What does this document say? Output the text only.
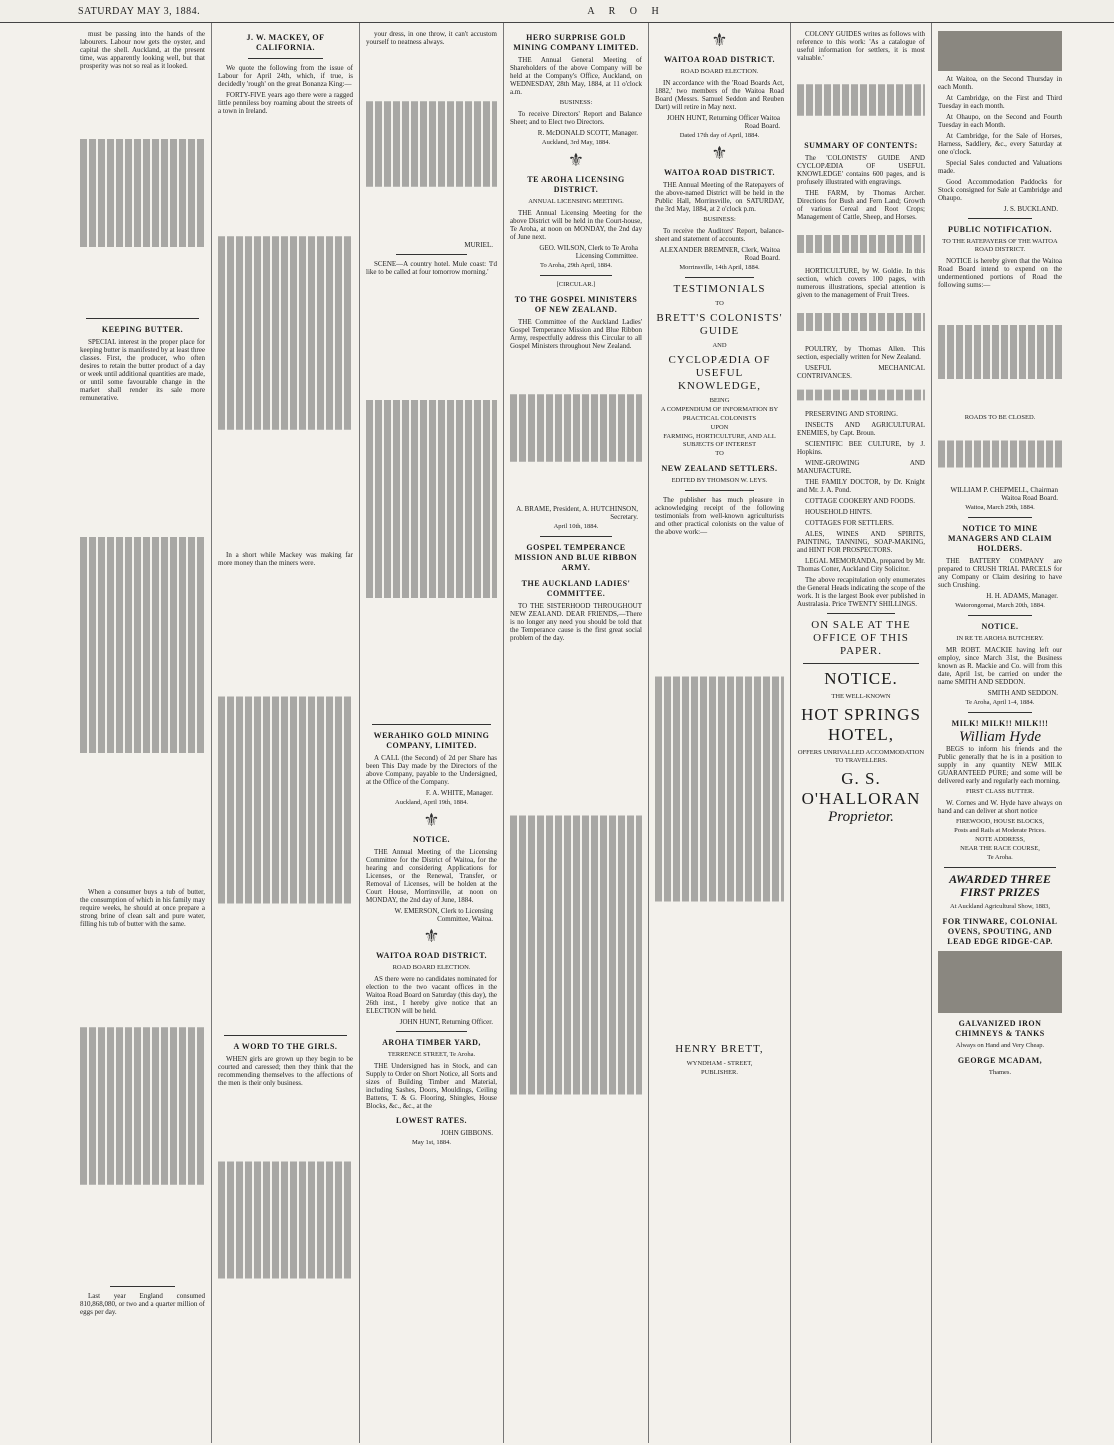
SATURDAY MAY 3, 1884.	A R O H
must be passing into the hands of the labourers. Labour now gets the oyster, and capital the shell. Auckland, at the present time, was apparently looking well, but that prosperity was not so real as it looked.
KEEPING BUTTER.
SPECIAL interest in the proper place for keeping butter is manifested by at least three classes. First, the producer, who often desires to retain the butter product of a day or week until additional quantities are made, or until some favourable change in the market shall render its sale more remunerative.
When a consumer buys a tub of butter, the consumption of which in his family may require weeks, he should at once prepare a strong brine of clean salt and pure water, filling his tub of butter with the same.
Last year England consumed 810,868,080, or two and a quarter million of eggs per day.
J. W. MACKEY, OF CALIFORNIA.
We quote the following from the issue of Labour for April 24th, which, if true, is decidedly 'rough' on the great Bonanza King:—
FORTY-FIVE years ago there were a ragged little penniless boy roaming about the streets of a town in Ireland.
In a short while Mackey was making far more money than the miners were.
A WORD TO THE GIRLS.
WHEN girls are grown up they begin to be courted and caressed; then they think that the recommending themselves to the affections of the men is their only business.
your dress, in one throw, it can't accustom yourself to neatness always.
MURIEL.
SCENE—A country hotel. Mule coast: 'I'd like to be called at four tomorrow morning.'
WERAHIKO GOLD MINING COMPANY, LIMITED.
A CALL (the Second) of 2d per Share has been This Day made by the Directors of the above Company, payable to the Undersigned, at the Office of the Company.
F. A. WHITE, Manager.
Auckland, April 19th, 1884.
⚜
NOTICE.
THE Annual Meeting of the Licensing Committee for the District of Waitoa, for the hearing and considering Applications for Licenses, or the Renewal, Transfer, or Removal of Licenses, will be holden at the Court House, Morrinsville, at noon on MONDAY, the 2nd day of June, 1884.
W. EMERSON, Clerk to Licensing Committee, Waitoa.
⚜
WAITOA ROAD DISTRICT.
ROAD BOARD ELECTION.
AS there were no candidates nominated for election to the two vacant offices in the Waitoa Road Board on Saturday (this day), the 26th inst., I hereby give notice that an ELECTION will be held.
JOHN HUNT, Returning Officer.
AROHA TIMBER YARD,
TERRENCE STREET, Te Aroha.
THE Undersigned has in Stock, and can Supply to Order on Short Notice, all Sorts and sizes of Building Timber and Material, including Sashes, Doors, Mouldings, Ceiling Battens, T. & G. Flooring, Shingles, House Blocks, &c., &c., at the
LOWEST RATES.
JOHN GIBBONS.
May 1st, 1884.
HERO SURPRISE GOLD MINING COMPANY LIMITED.
THE Annual General Meeting of Shareholders of the above Company will be held at the Company's Office, Auckland, on WEDNESDAY, 28th May, 1884, at 11 o'clock a.m.
BUSINESS:
To receive Directors' Report and Balance Sheet; and to Elect two Directors.
R. McDONALD SCOTT, Manager.
Auckland, 3rd May, 1884.
⚜
TE AROHA LICENSING DISTRICT.
ANNUAL LICENSING MEETING.
THE Annual Licensing Meeting for the above District will be held in the Court-house, Te Aroha, at noon on MONDAY, the 2nd day of June next.
GEO. WILSON, Clerk to Te Aroha Licensing Committee.
To Aroha, 29th April, 1884.
[CIRCULAR.]
TO THE GOSPEL MINISTERS OF NEW ZEALAND.
THE Committee of the Auckland Ladies' Gospel Temperance Mission and Blue Ribbon Army, respectfully address this Circular to all Gospel Ministers throughout New Zealand.
A. BRAME, President, A. HUTCHINSON, Secretary.
April 10th, 1884.
GOSPEL TEMPERANCE MISSION AND BLUE RIBBON ARMY.
THE AUCKLAND LADIES' COMMITTEE.
TO THE SISTERHOOD THROUGHOUT NEW ZEALAND. DEAR FRIENDS,—There is no longer any need you should be told that the Temperance cause is the first great social problem of the day.
⚜
WAITOA ROAD DISTRICT.
ROAD BOARD ELECTION.
IN accordance with the 'Road Boards Act, 1882,' two members of the Waitoa Road Board (Messrs. Samuel Seddon and Reuben Dart) will retire in May next.
JOHN HUNT, Returning Officer Waitoa Road Board.
Dated 17th day of April, 1884.
⚜
WAITOA ROAD DISTRICT.
THE Annual Meeting of the Ratepayers of the above-named District will be held in the Public Hall, Morrinsville, on SATURDAY, the 3rd May, 1884, at 2 o'clock p.m.
BUSINESS:
To receive the Auditors' Report, balance-sheet and statement of accounts.
ALEXANDER BREMNER, Clerk, Waitoa Road Board.
Morrinsville, 14th April, 1884.
TESTIMONIALS
TO
BRETT'S COLONISTS' GUIDE
AND
CYCLOPÆDIA OF USEFUL KNOWLEDGE,
BEING
A COMPENDIUM OF INFORMATION BY
PRACTICAL COLONISTS
UPON
FARMING, HORTICULTURE, AND ALL SUBJECTS OF INTEREST
TO
NEW ZEALAND SETTLERS.
EDITED BY THOMSON W. LEYS.
The publisher has much pleasure in acknowledging receipt of the following testimonials from well-known agriculturists and other practical colonists on the value of the above work:—
HENRY BRETT,
WYNDHAM - STREET,
PUBLISHER.
COLONY GUIDES writes as follows with reference to this work: 'As a catalogue of useful information for settlers, it is most valuable.'
SUMMARY OF CONTENTS:
The 'COLONISTS' GUIDE AND CYCLOPÆDIA OF USEFUL KNOWLEDGE' contains 600 pages, and is profusely illustrated with engravings.
THE FARM, by Thomas Archer. Directions for Bush and Fern Land; Growth of various Cereal and Root Crops; Management of Cattle, Sheep, and Horses.
HORTICULTURE, by W. Goldie. In this section, which covers 100 pages, with numerous illustrations, special attention is given to the management of Fruit Trees.
POULTRY, by Thomas Allen. This section, especially written for New Zealand.
USEFUL MECHANICAL CONTRIVANCES.
PRESERVING AND STORING.
INSECTS AND AGRICULTURAL ENEMIES, by Capt. Broun.
SCIENTIFIC BEE CULTURE, by J. Hopkins.
WINE-GROWING AND MANUFACTURE.
THE FAMILY DOCTOR, by Dr. Knight and Mr. J. A. Pond.
COTTAGE COOKERY AND FOODS.
HOUSEHOLD HINTS.
COTTAGES FOR SETTLERS.
ALES, WINES AND SPIRITS, PAINTING, TANNING, SOAP-MAKING, and HINT FOR PROSPECTORS.
LEGAL MEMORANDA, prepared by Mr. Thomas Cotter, Auckland City Solicitor.
The above recapitulation only enumerates the General Heads indicating the scope of the work. It is the largest Book ever published in Australasia. Price TWENTY SHILLINGS.
ON SALE AT THE OFFICE OF THIS PAPER.
NOTICE.
THE WELL-KNOWN
HOT SPRINGS HOTEL,
OFFERS UNRIVALLED ACCOMMODATION TO TRAVELLERS.
G. S. O'HALLORAN
Proprietor.
At Waitoa, on the Second Thursday in each Month.
At Cambridge, on the First and Third Tuesday in each month.
At Ohaupo, on the Second and Fourth Tuesday in each Month.
At Cambridge, for the Sale of Horses, Harness, Saddlery, &c., every Saturday at one o'clock.
Special Sales conducted and Valuations made.
Good Accommodation Paddocks for Stock consigned for Sale at Cambridge and Ohaupo.
J. S. BUCKLAND.
PUBLIC NOTIFICATION.
TO THE RATEPAYERS OF THE WAITOA ROAD DISTRICT.
NOTICE is hereby given that the Waitoa Road Board intend to expend on the undermentioned portions of Road the following sums:—
ROADS TO BE CLOSED.
WILLIAM P. CHEPMELL, Chairman Waitoa Road Board.
Waitoa, March 29th, 1884.
NOTICE TO MINE MANAGERS AND CLAIM HOLDERS.
THE BATTERY COMPANY are prepared to CRUSH TRIAL PARCELS for any Company or Claim desiring to have such Crushing.
H. H. ADAMS, Manager.
Waiorongomai, March 20th, 1884.
NOTICE.
IN RE TE AROHA BUTCHERY.
MR ROBT. MACKIE having left our employ, since March 31st, the Business known as R. Mackie and Co. will from this date, April 1st, be carried on under the name SMITH AND SEDDON.
SMITH AND SEDDON.
Te Aroha, April 1-4, 1884.
MILK! MILK!! MILK!!!
William Hyde
BEGS to inform his friends and the Public generally that he is in a position to supply in any quantity NEW MILK GUARANTEED PURE; and some will be delivered early and regularly each morning.
FIRST CLASS BUTTER.
W. Cornes and W. Hyde have always on hand and can deliver at short notice
FIREWOOD, HOUSE BLOCKS,
Posts and Rails at Moderate Prices.
NOTE ADDRESS,
NEAR THE RACE COURSE,
Te Aroha.
AWARDED THREE FIRST PRIZES
At Auckland Agricultural Show, 1883,
FOR TINWARE, COLONIAL OVENS, SPOUTING, AND LEAD EDGE RIDGE-CAP.
GALVANIZED IRON CHIMNEYS & TANKS
Always on Hand and Very Cheap.
GEORGE MCADAM,
Thames.
